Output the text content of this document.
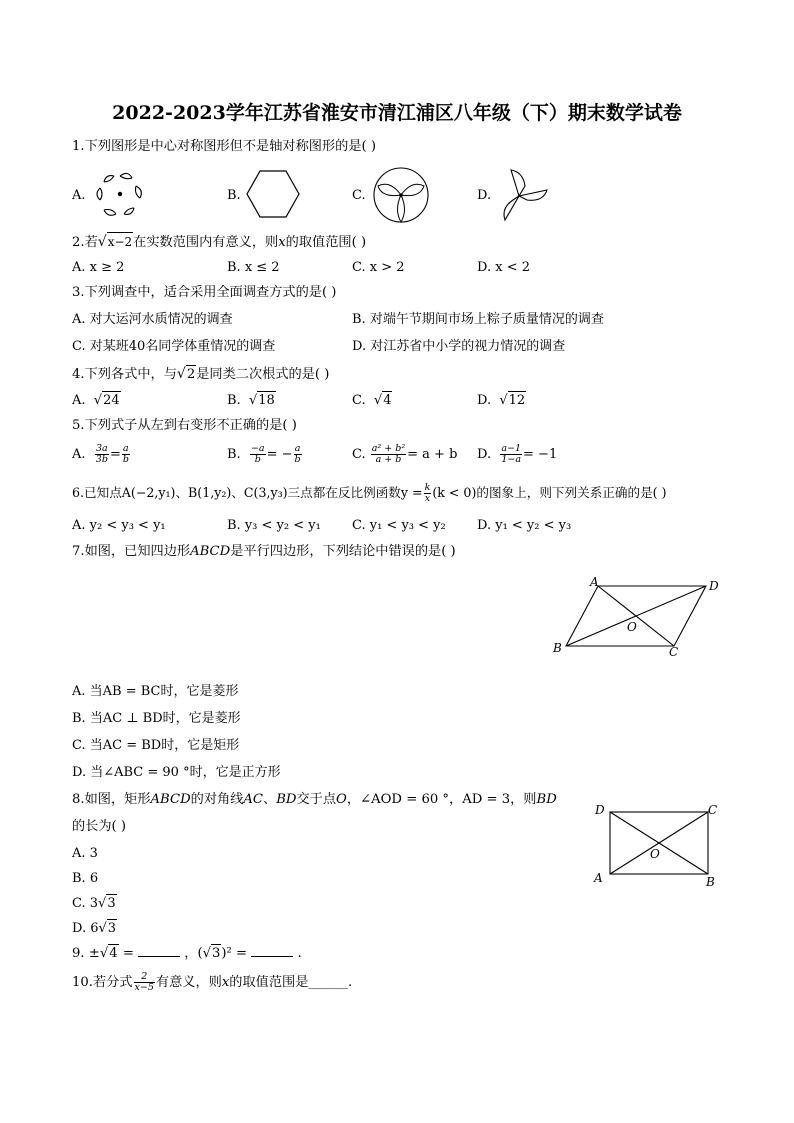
2022-2023学年江苏省淮安市清江浦区八年级（下）期末数学试卷
1.下列图形是中心对称图形但不是轴对称图形的是( )
A.	B.	C.	D.
2.若√x−2在实数范围内有意义，则x的取值范围( )
A. x ≥ 2	B. x ≤ 2	C. x > 2	D. x < 2
3.下列调查中，适合采用全面调查方式的是( )
A. 对大运河水质情况的调查	B. 对端午节期间市场上粽子质量情况的调查
C. 对某班40名同学体重情况的调查	D. 对江苏省中小学的视力情况的调查
4.下列各式中，与√2是同类二次根式的是( )
A.  √24	B.  √18	C.  √4	D.  √12
5.下列式子从左到右变形不正确的是( )
A. $\frac{3a}{3b} = \frac{a}{b}$	B. $\frac{-a}{b}$ = − $\frac{a}{b}$	C. $\frac{\text{a² + b²}}{a + b} = a + b$ D. $\frac{a-1}{1-a} = -1$
6.已知点A(−2,y₁)、B(1,y₂)、C(3,y₃)三点都在反比例函数$y = \frac{k}{x} (k < 0)$的图象上，则下列关系正确的是( )
A. y₂ < y₃ < y₁	B. y₃ < y₂ < y₁ C. y₁ < y₃ < y₂ D. y₁ < y₂ < y₃
7.如图，已知四边形ABCD是平行四边形，下列结论中错误的是( )
A	D
B	C
O
A. 当AB = BC时，它是菱形
B. 当AC ⊥ BD时，它是菱形
C. 当AC = BD时，它是矩形
D. 当∠ABC = 90 °时，它是正方形
8.如图，矩形ABCD的对角线AC、BD交于点O，∠AOD = 60 °，AD = 3，则BD
的长为( )
A. 3
B. 6
C. 3√3
D. 6√3
D	C
A	B
O
9. ±√4 =	，(√3)² =	.
10.若分式 $\frac{2}{x-5}$ 有意义，则x的取值范围是______.
